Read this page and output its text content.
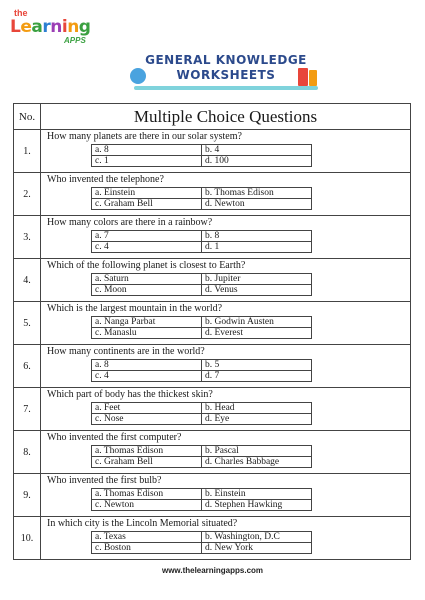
the
Learning
APPS
GENERAL KNOWLEDGE
WORKSHEETS
No.	Multiple Choice Questions
1.	
How many planets are there in our solar system?
a. 8	b. 4
c. 1	d. 100

2.	
Who invented the telephone?
a. Einstein	b. Thomas Edison
c. Graham Bell	d. Newton

3.	
How many colors are there in a rainbow?
a. 7	b. 8
c. 4	d. 1

4.	
Which of the following planet is closest to Earth?
a. Saturn	b. Jupiter
c. Moon	d. Venus

5.	
Which is the largest mountain in the world?
a. Nanga Parbat	b. Godwin Austen
c. Manaslu	d. Everest

6.	
How many continents are in the world?
a. 8	b. 5
c. 4	d. 7

7.	
Which part of body has the thickest skin?
a. Feet	b. Head
c. Nose	d. Eye

8.	
Who invented the first computer?
a. Thomas Edison	b. Pascal
c. Graham Bell	d. Charles Babbage

9.	
Who invented the first bulb?
a. Thomas Edison	b. Einstein
c. Newton	d. Stephen Hawking

10.	
In which city is the Lincoln Memorial situated?
a. Texas	b. Washington, D.C
c. Boston	d. New York
www.thelearningapps.com
